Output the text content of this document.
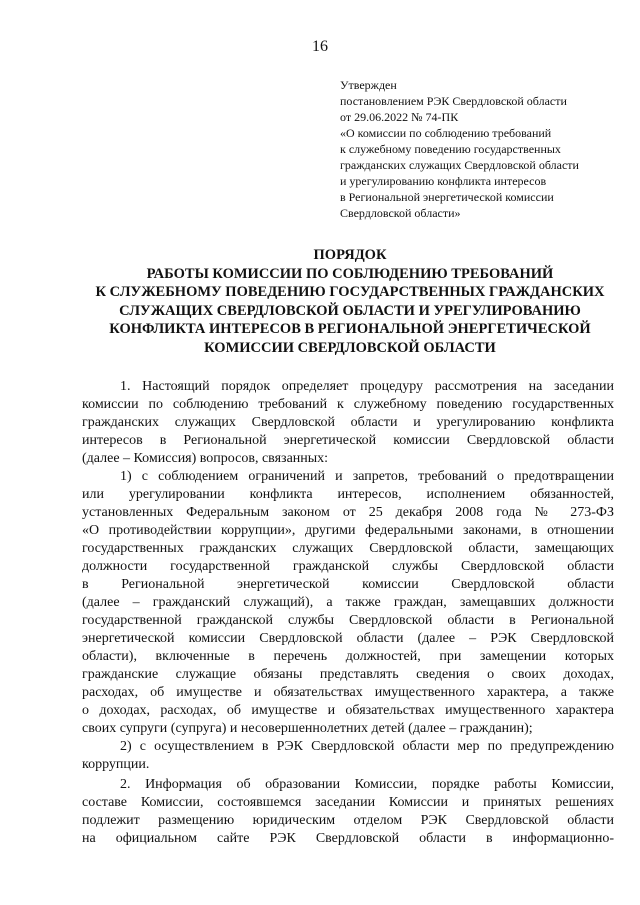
16
Утвержден
постановлением РЭК Свердловской области
от 29.06.2022 № 74-ПК
«О комиссии по соблюдению требований
к служебному поведению государственных
гражданских служащих Свердловской области
и урегулированию конфликта интересов
в Региональной энергетической комиссии
Свердловской области»
ПОРЯДОК
РАБОТЫ КОМИССИИ ПО СОБЛЮДЕНИЮ ТРЕБОВАНИЙ
К СЛУЖЕБНОМУ ПОВЕДЕНИЮ ГОСУДАРСТВЕННЫХ ГРАЖДАНСКИХ
СЛУЖАЩИХ СВЕРДЛОВСКОЙ ОБЛАСТИ И УРЕГУЛИРОВАНИЮ
КОНФЛИКТА ИНТЕРЕСОВ В РЕГИОНАЛЬНОЙ ЭНЕРГЕТИЧЕСКОЙ
КОМИССИИ СВЕРДЛОВСКОЙ ОБЛАСТИ
1. Настоящий порядок определяет процедуру рассмотрения на заседании
комиссии по соблюдению требований к служебному поведению государственных
гражданских служащих Свердловской области и урегулированию конфликта
интересов в Региональной энергетической комиссии Свердловской области
(далее – Комиссия) вопросов, связанных:
1) с соблюдением ограничений и запретов, требований о предотвращении
или урегулировании конфликта интересов, исполнением обязанностей,
установленных Федеральным законом от 25 декабря 2008 года № 273-ФЗ
«О противодействии коррупции», другими федеральными законами, в отношении
государственных гражданских служащих Свердловской области, замещающих
должности государственной гражданской службы Свердловской области
в Региональной энергетической комиссии Свердловской области
(далее – гражданский служащий), а также граждан, замещавших должности
государственной гражданской службы Свердловской области в Региональной
энергетической комиссии Свердловской области (далее – РЭК Свердловской
области), включенные в перечень должностей, при замещении которых
гражданские служащие обязаны представлять сведения о своих доходах,
расходах, об имуществе и обязательствах имущественного характера, а также
о доходах, расходах, об имуществе и обязательствах имущественного характера
своих супруги (супруга) и несовершеннолетних детей (далее – гражданин);
2) с осуществлением в РЭК Свердловской области мер по предупреждению
коррупции.
2. Информация об образовании Комиссии, порядке работы Комиссии,
составе Комиссии, состоявшемся заседании Комиссии и принятых решениях
подлежит размещению юридическим отделом РЭК Свердловской области
на официальном сайте РЭК Свердловской области в информационно-
